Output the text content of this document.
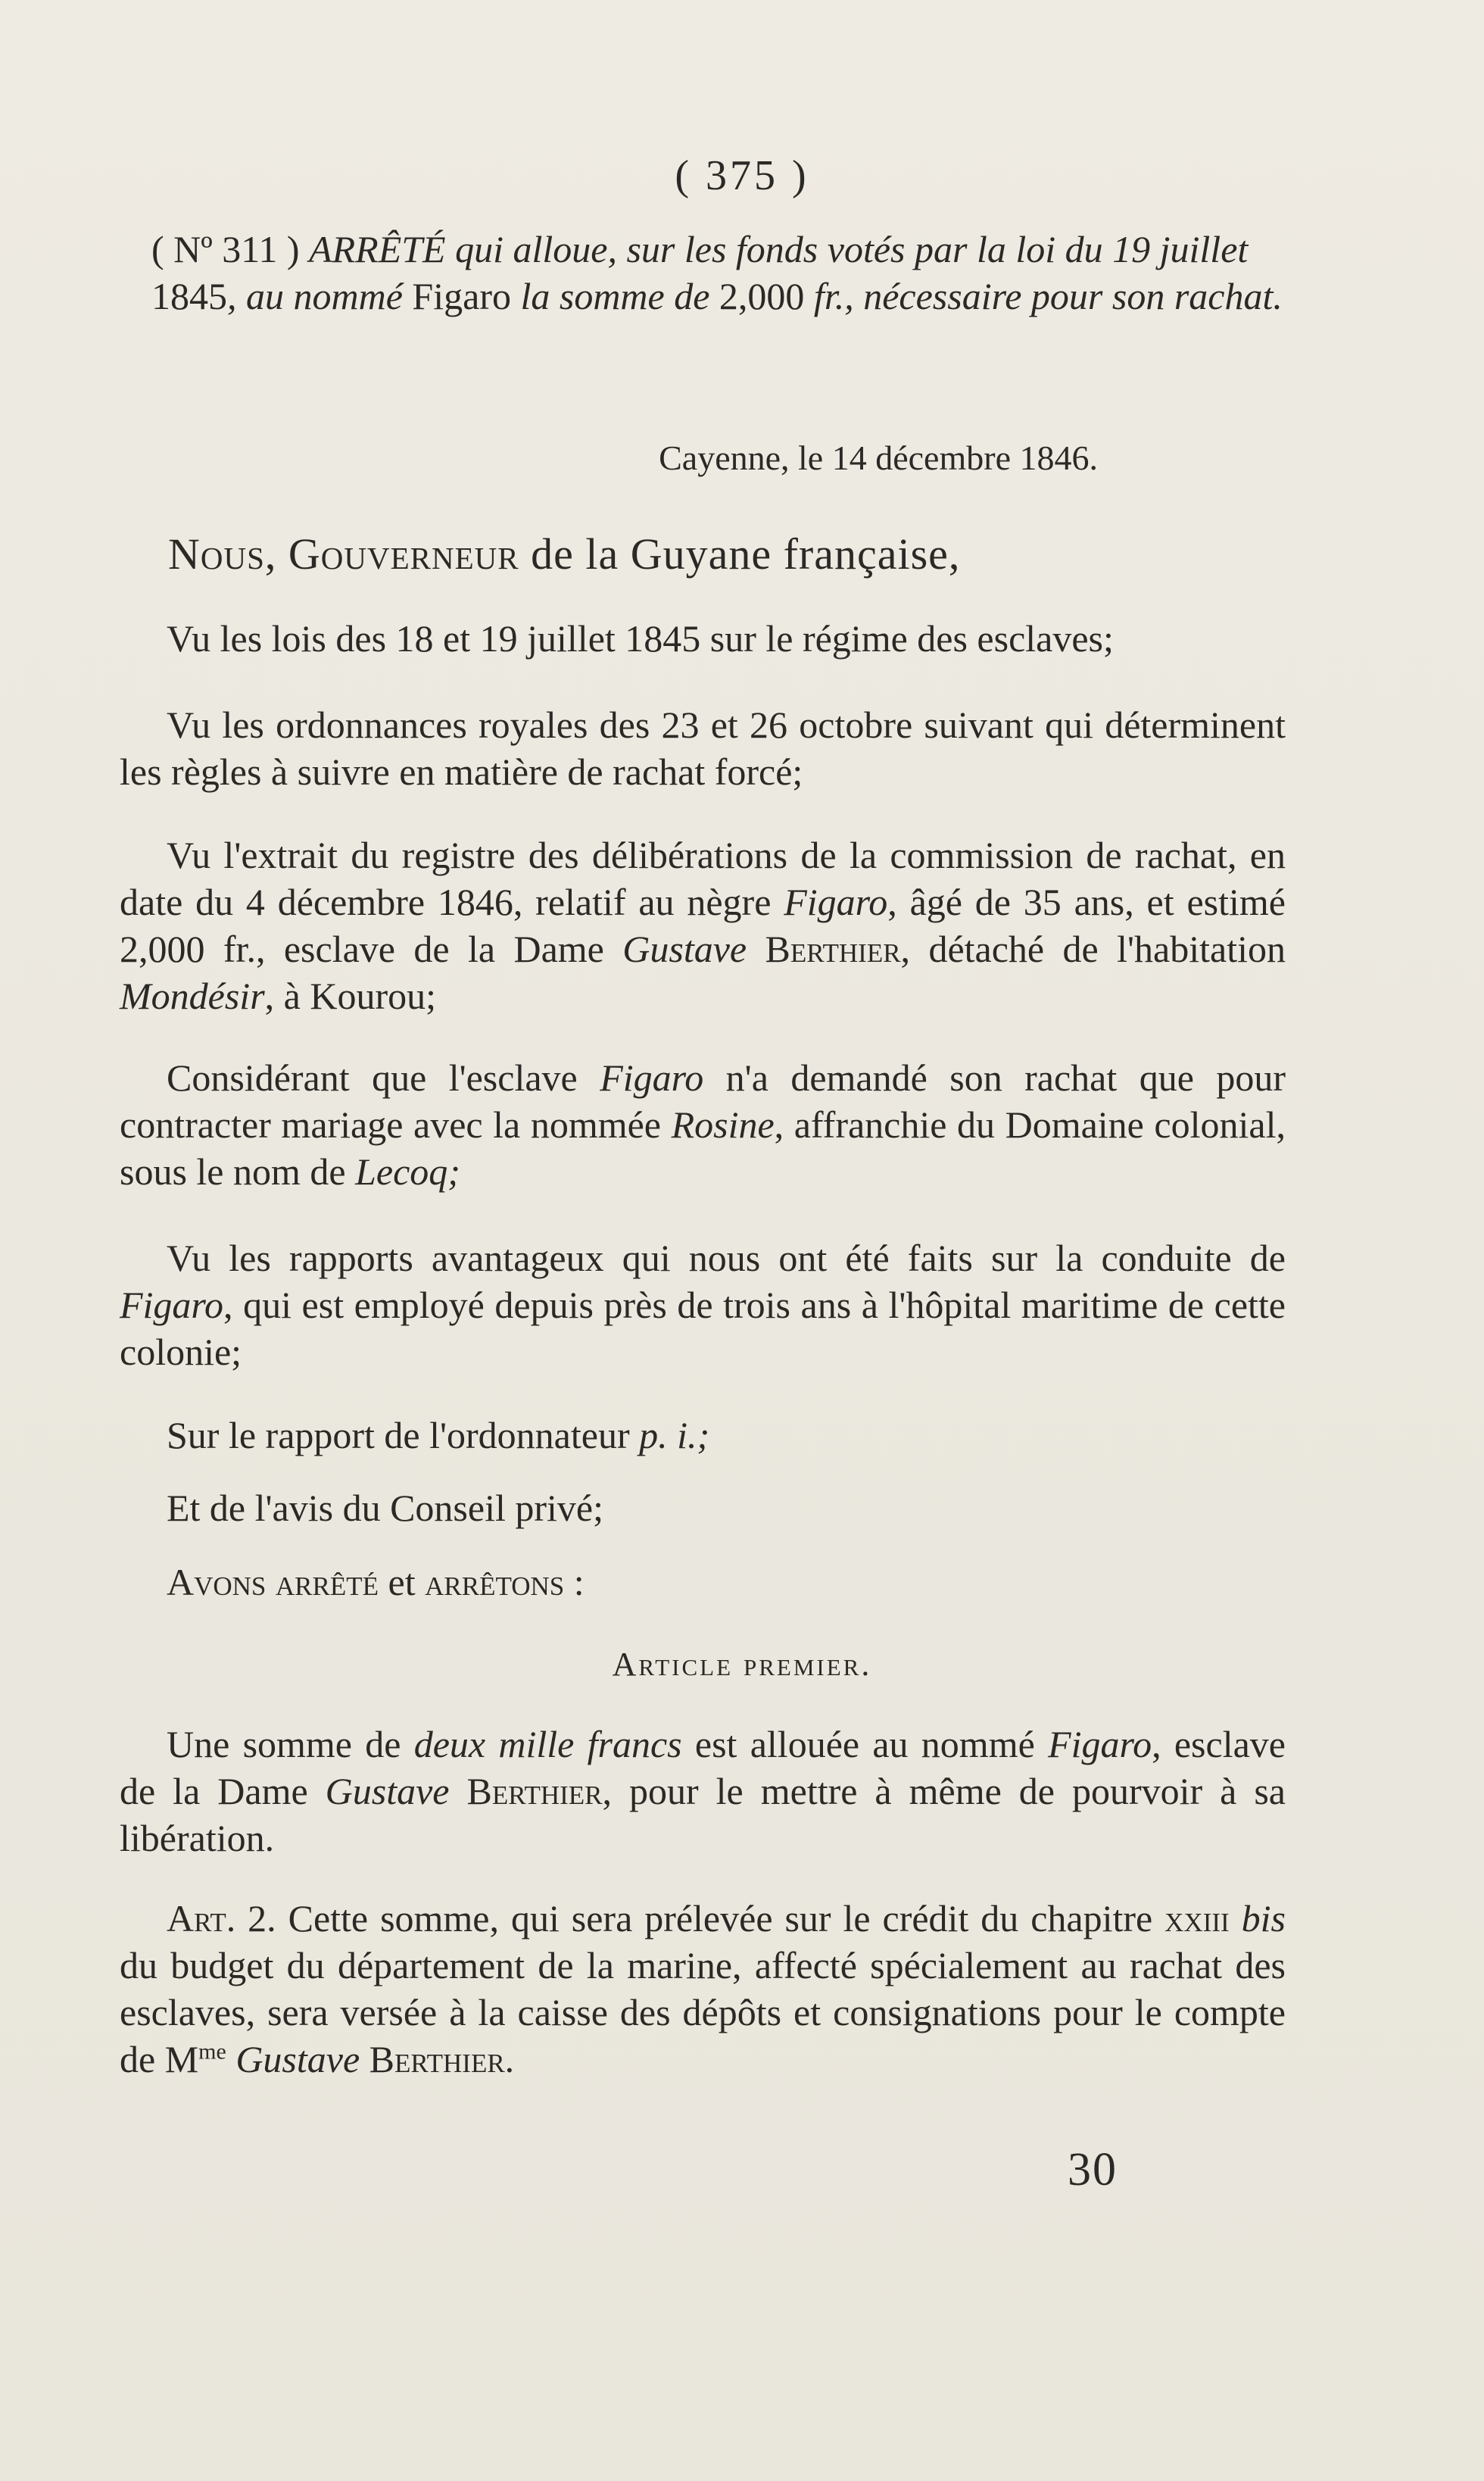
( 375 )
( Nº 311 ) ARRÊTÉ qui alloue, sur les fonds votés par la loi du 19 juillet 1845, au nommé Figaro la somme de 2,000 fr., nécessaire pour son rachat.
Cayenne, le 14 décembre 1846.
Nous, Gouverneur de la Guyane française,

Vu les lois des 18 et 19 juillet 1845 sur le régime des esclaves;

Vu les ordonnances royales des 23 et 26 octobre suivant qui déterminent les règles à suivre en matière de rachat forcé;

Vu l'extrait du registre des délibérations de la commission de rachat, en date du 4 décembre 1846, relatif au nègre Figaro, âgé de 35 ans, et estimé 2,000 fr., esclave de la Dame Gustave Berthier, détaché de l'habitation Mondésir, à Kourou;

Considérant que l'esclave Figaro n'a demandé son rachat que pour contracter mariage avec la nommée Rosine, affranchie du Domaine colonial, sous le nom de Lecoq;

Vu les rapports avantageux qui nous ont été faits sur la conduite de Figaro, qui est employé depuis près de trois ans à l'hôpital maritime de cette colonie;

Sur le rapport de l'ordonnateur p. i.;

Et de l'avis du Conseil privé;

Avons arrêté et arrêtons :

Article premier.

Une somme de deux mille francs est allouée au nommé Figaro, esclave de la Dame Gustave Berthier, pour le mettre à même de pourvoir à sa libération.

Art. 2. Cette somme, qui sera prélevée sur le crédit du chapitre xxiii bis du budget du département de la marine, affecté spécialement au rachat des esclaves, sera versée à la caisse des dépôts et consignations pour le compte de $M^{me}$ Gustave Berthier.

30
